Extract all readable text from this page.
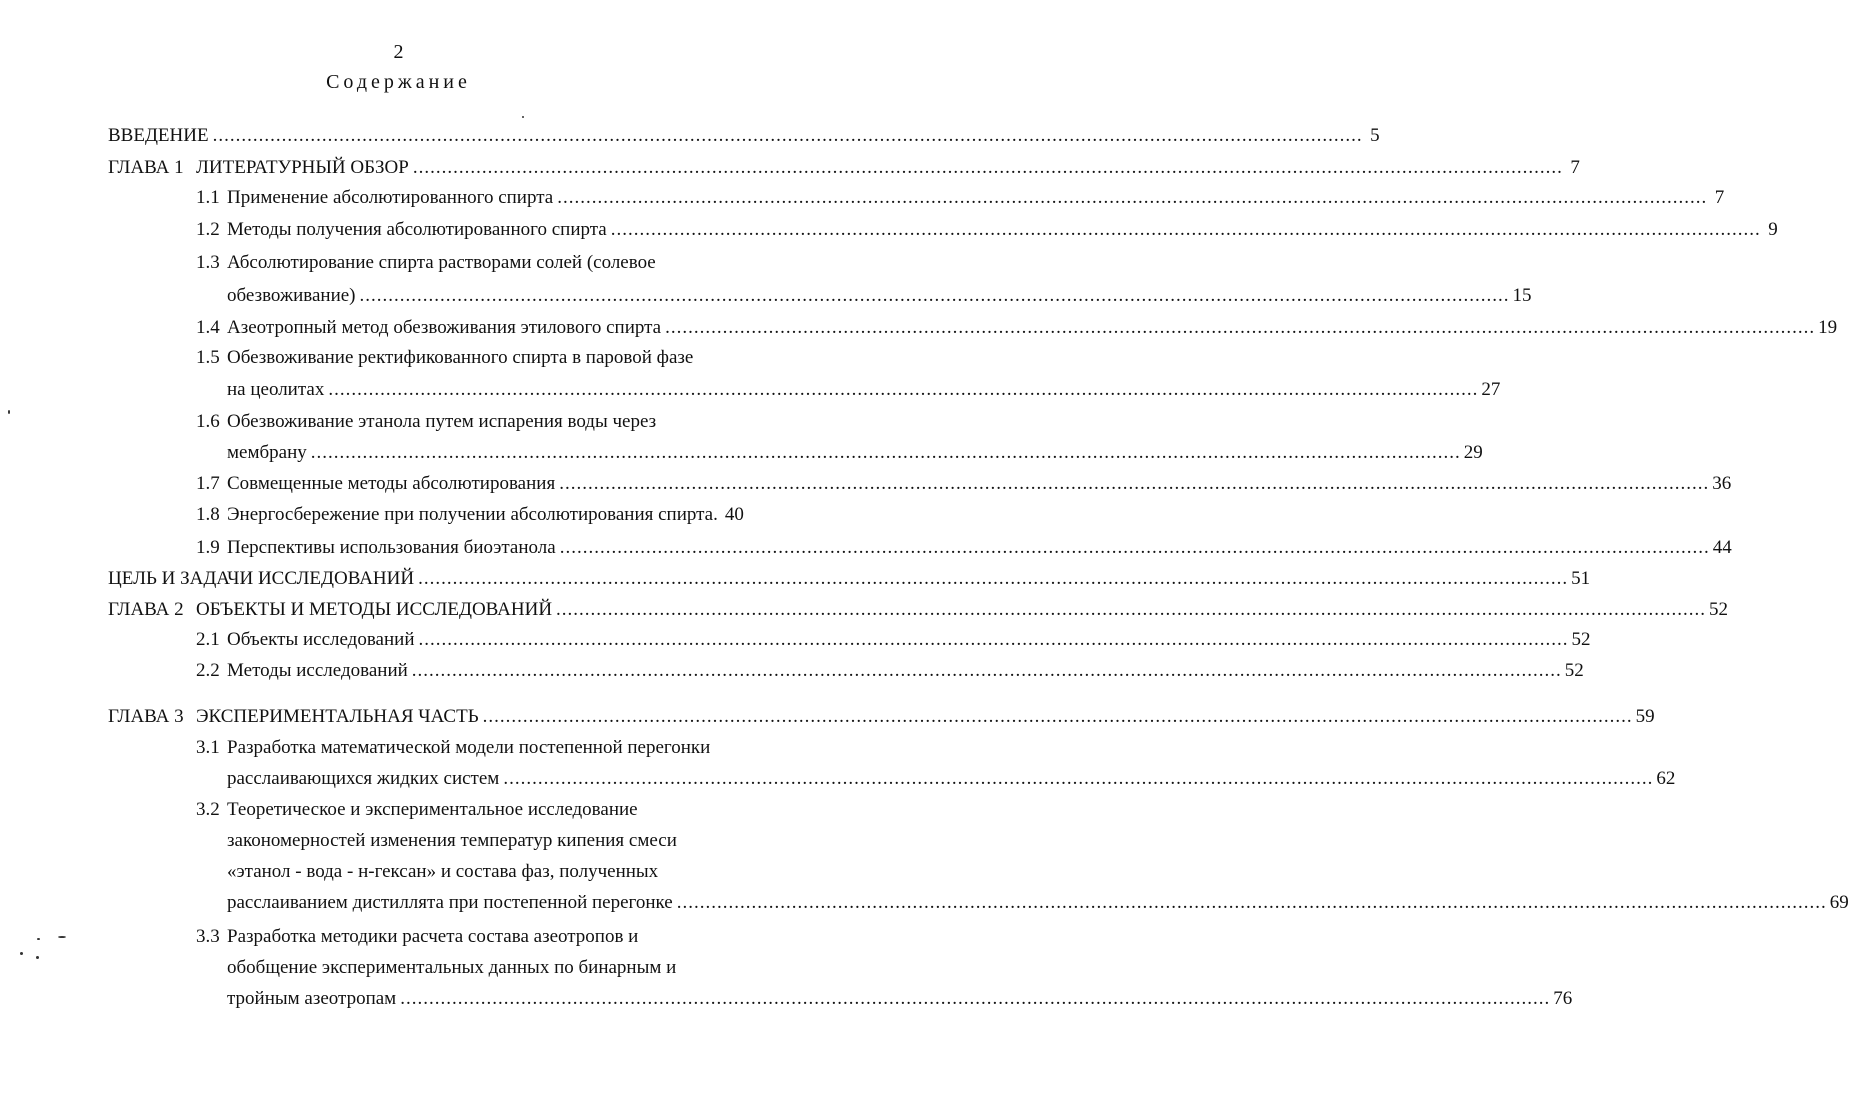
2
Содержание
ВВЕДЕНИЕ ........................................................................................................................................................................................................ 5
ГЛАВА 1 ЛИТЕРАТУРНЫЙ ОБЗОР ........................................................................................................................................................................................................ 7
1.1 Применение абсолютированного спирта ........................................................................................................................................................................................................ 7
1.2 Методы получения абсолютированного спирта ........................................................................................................................................................................................................ 9
1.3 Абсолютирование спирта растворами солей (солевое
обезвоживание) ........................................................................................................................................................................................................ 15
1.4 Азеотропный метод обезвоживания этилового спирта ........................................................................................................................................................................................................ 19
1.5 Обезвоживание ректификованного спирта в паровой фазе
на цеолитах ........................................................................................................................................................................................................ 27
1.6 Обезвоживание этанола путем испарения воды через
мембрану ........................................................................................................................................................................................................ 29
1.7 Совмещенные методы абсолютирования ........................................................................................................................................................................................................ 36
1.8 Энергосбережение при получении абсолютирования спирта. 40
1.9 Перспективы использования биоэтанола ........................................................................................................................................................................................................ 44
ЦЕЛЬ И ЗАДАЧИ ИССЛЕДОВАНИЙ ........................................................................................................................................................................................................ 51
ГЛАВА 2 ОБЪЕКТЫ И МЕТОДЫ ИССЛЕДОВАНИЙ ........................................................................................................................................................................................................ 52
2.1 Объекты исследований ........................................................................................................................................................................................................ 52
2.2 Методы исследований ........................................................................................................................................................................................................ 52
ГЛАВА 3 ЭКСПЕРИМЕНТАЛЬНАЯ ЧАСТЬ ........................................................................................................................................................................................................ 59
3.1 Разработка математической модели постепенной перегонки
расслаивающихся жидких систем ........................................................................................................................................................................................................ 62
3.2 Теоретическое и экспериментальное исследование
закономерностей изменения температур кипения смеси
«этанол - вода - н-гексан» и состава фаз, полученных
расслаиванием дистиллята при постепенной перегонке ........................................................................................................................................................................................................ 69
3.3 Разработка методики расчета состава азеотропов и
обобщение экспериментальных данных по бинарным и
тройным азеотропам ........................................................................................................................................................................................................ 76
